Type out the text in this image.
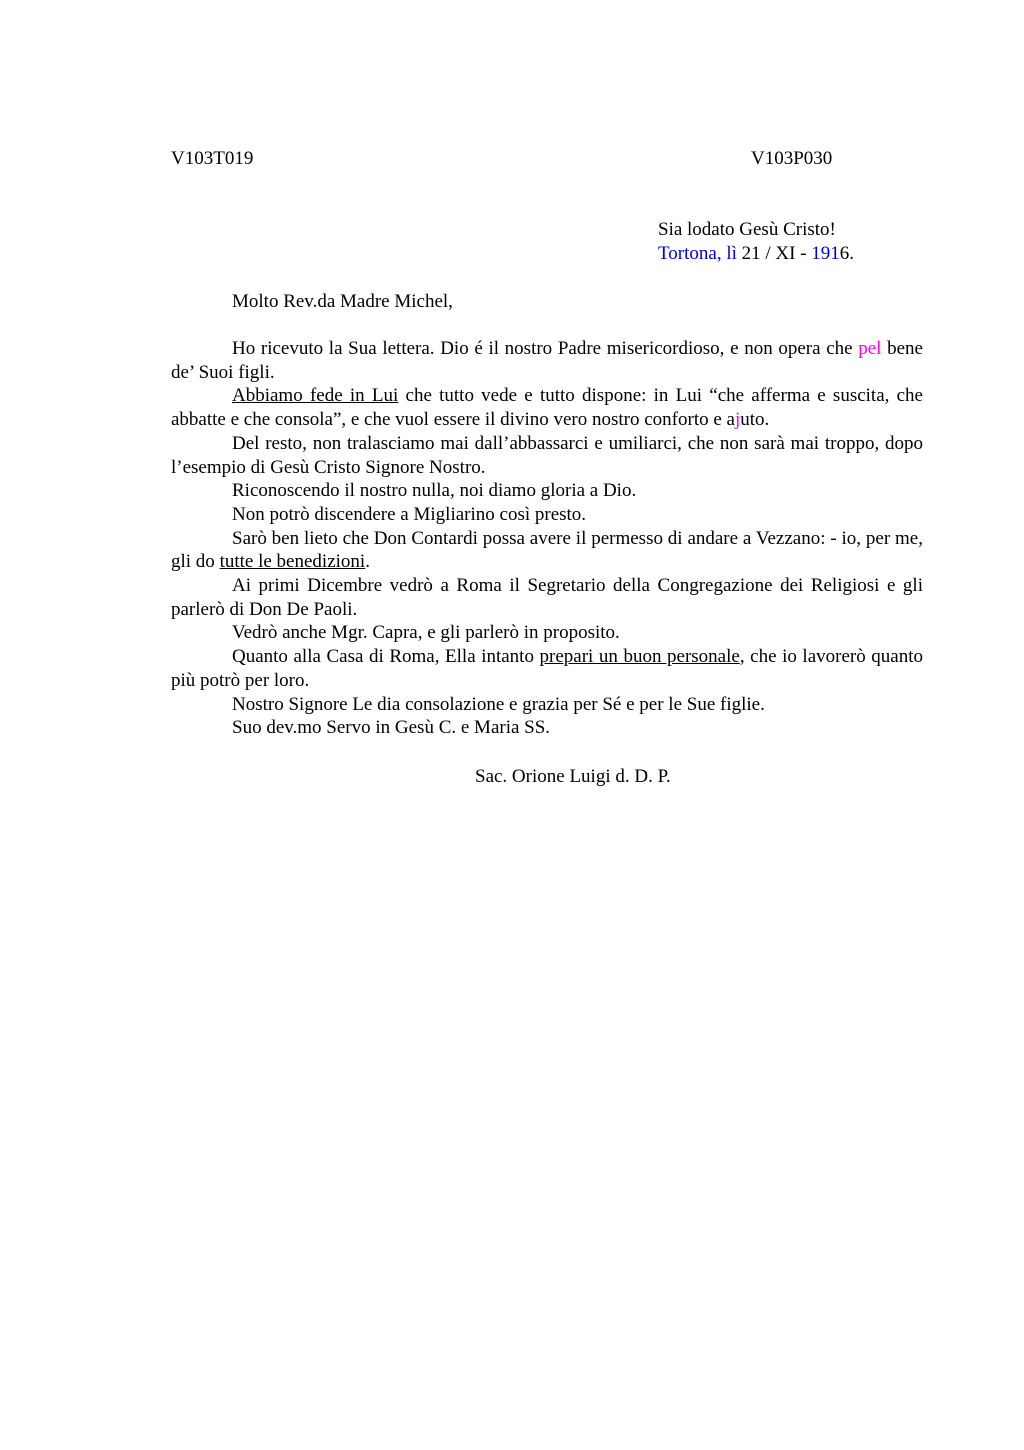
V103T019	V103P030
Sia lodato Gesù Cristo!
Tortona, lì 21 / XI - 1916.
Molto Rev.da Madre Michel,

Ho ricevuto la Sua lettera. Dio é il nostro Padre misericordioso, e non opera che pel bene de’ Suoi figli.

Abbiamo fede in Lui che tutto vede e tutto dispone: in Lui “che afferma e suscita, che abbatte e che consola”, e che vuol essere il divino vero nostro conforto e ajuto.

Del resto, non tralasciamo mai dall’abbassarci e umiliarci, che non sarà mai troppo, dopo l’esempio di Gesù Cristo Signore Nostro.

Riconoscendo il nostro nulla, noi diamo gloria a Dio.

Non potrò discendere a Migliarino così presto.

Sarò ben lieto che Don Contardi possa avere il permesso di andare a Vezzano: - io, per me, gli do tutte le benedizioni.

Ai primi Dicembre vedrò a Roma il Segretario della Congregazione dei Religiosi e gli parlerò di Don De Paoli.

Vedrò anche Mgr. Capra, e gli parlerò in proposito.

Quanto alla Casa di Roma, Ella intanto prepari un buon personale, che io lavorerò quanto più potrò per loro.

Nostro Signore Le dia consolazione e grazia per Sé e per le Sue figlie.

Suo dev.mo Servo in Gesù C. e Maria SS.

Sac. Orione Luigi d. D. P.
